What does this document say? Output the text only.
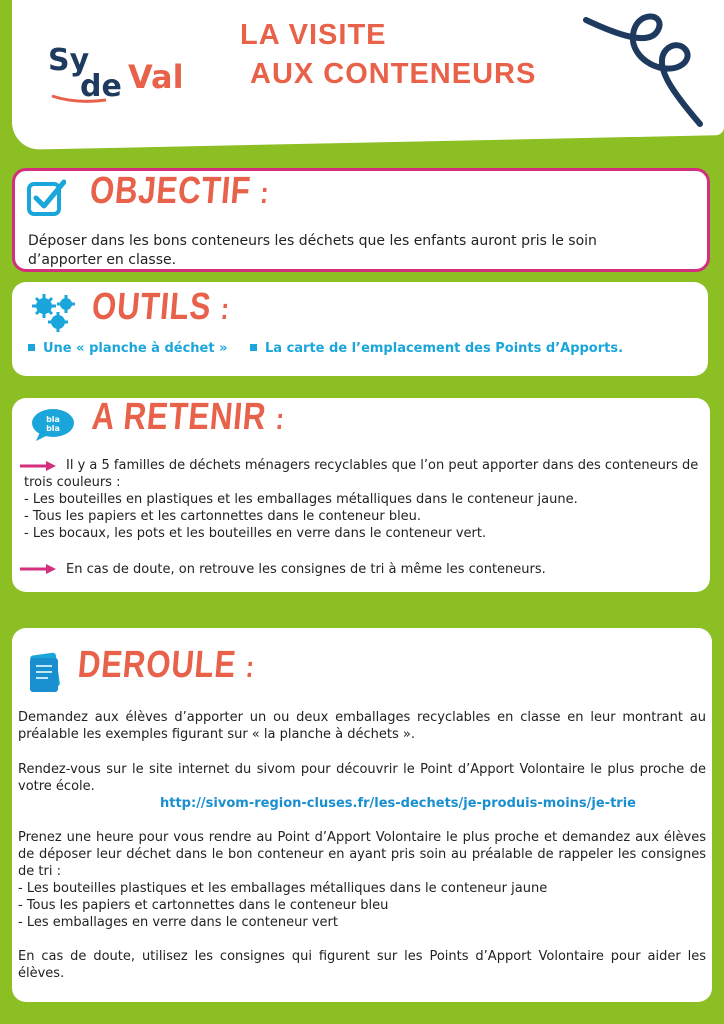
Sy
de Val
LA VISITE
AUX CONTENEURS
OBJECTIF :
Déposer dans les bons conteneurs les déchets que les enfants auront pris le soin d’apporter en classe.
OUTILS :
Une « planche à déchet »	La carte de l’emplacement des Points d’Apports.
bla
bla A RETENIR :
Il y a 5 familles de déchets ménagers recyclables que l’on peut apporter dans des conteneurs de trois couleurs :
- Les bouteilles en plastiques et les emballages métalliques dans le conteneur jaune.
- Tous les papiers et les cartonnettes dans le conteneur bleu.
- Les bocaux, les pots et les bouteilles en verre dans le conteneur vert.
En cas de doute, on retrouve les consignes de tri à même les conteneurs.
DEROULE :
Demandez aux élèves d’apporter un ou deux emballages recyclables en classe en leur montrant au préalable les exemples figurant sur « la planche à déchets ».
Rendez-vous sur le site internet du sivom pour découvrir le Point d’Apport Volontaire le plus proche de votre école.
http://sivom-region-cluses.fr/les-dechets/je-produis-moins/je-trie
Prenez une heure pour vous rendre au Point d’Apport Volontaire le plus proche et demandez aux élèves de déposer leur déchet dans le bon conteneur en ayant pris soin au préalable de rappeler les consignes de tri :
- Les bouteilles plastiques et les emballages métalliques dans le conteneur jaune
- Tous les papiers et cartonnettes dans le conteneur bleu
- Les emballages en verre dans le conteneur vert
En cas de doute, utilisez les consignes qui figurent sur les Points d’Apport Volontaire pour aider les élèves.
